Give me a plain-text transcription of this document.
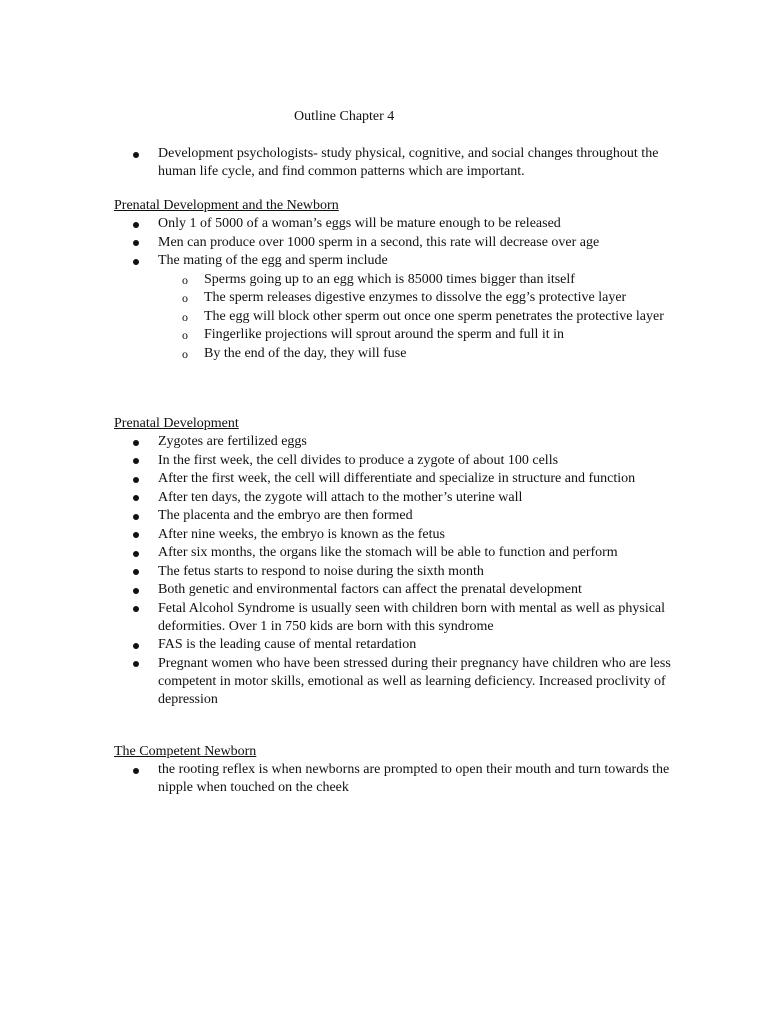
Outline Chapter 4
Development psychologists- study physical, cognitive, and social changes throughout the human life cycle, and find common patterns which are important.
Prenatal Development and the Newborn
Only 1 of 5000 of a woman’s eggs will be mature enough to be released
Men can produce over 1000 sperm in a second, this rate will decrease over age
The mating of the egg and sperm include
o Sperms going up to an egg which is 85000 times bigger than itself
o The sperm releases digestive enzymes to dissolve the egg’s protective layer
o The egg will block other sperm out once one sperm penetrates the protective layer
o Fingerlike projections will sprout around the sperm and full it in
o By the end of the day, they will fuse
Prenatal Development
Zygotes are fertilized eggs
In the first week, the cell divides to produce a zygote of about 100 cells
After the first week, the cell will differentiate and specialize in structure and function
After ten days, the zygote will attach to the mother’s uterine wall
The placenta and the embryo are then formed
After nine weeks, the embryo is known as the fetus
After six months, the organs like the stomach will be able to function and perform
The fetus starts to respond to noise during the sixth month
Both genetic and environmental factors can affect the prenatal development
Fetal Alcohol Syndrome is usually seen with children born with mental as well as physical deformities. Over 1 in 750 kids are born with this syndrome
FAS is the leading cause of mental retardation
Pregnant women who have been stressed during their pregnancy have children who are less competent in motor skills, emotional as well as learning deficiency. Increased proclivity of depression
The Competent Newborn
the rooting reflex is when newborns are prompted to open their mouth and turn towards the nipple when touched on the cheek
